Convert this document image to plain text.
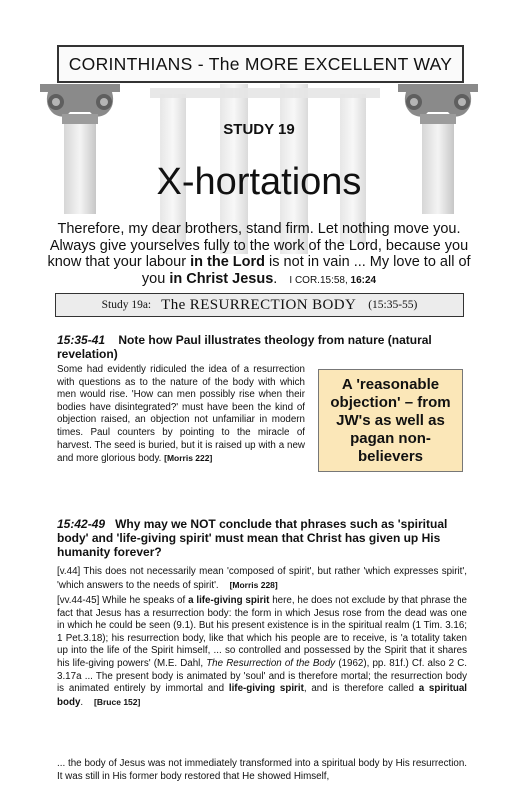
CORINTHIANS - The MORE EXCELLENT WAY
STUDY 19
X-hortations
Therefore, my dear brothers, stand firm. Let nothing move you. Always give yourselves fully to the work of the Lord, because you know that your labour in the Lord is not in vain ... My love to all of you in Christ Jesus. I COR.15:58, 16:24
Study 19a: The RESURRECTION BODY (15:35-55)
15:35-41 Note how Paul illustrates theology from nature (natural revelation)
Some had evidently ridiculed the idea of a resurrection with questions as to the nature of the body with which men would rise. 'How can men possibly rise when their bodies have disintegrated?' must have been the kind of objection raised, an objection not unfamiliar in modern times. Paul counters by pointing to the miracle of harvest. The seed is buried, but it is raised up with a new and more glorious body. [Morris 222]
A 'reasonable objection' – from JW's as well as pagan non-believers
15:42-49 Why may we NOT conclude that phrases such as 'spiritual body' and 'life-giving spirit' must mean that Christ has given up His humanity forever?
[v.44] This does not necessarily mean 'composed of spirit', but rather 'which expresses spirit', 'which answers to the needs of spirit'. [Morris 228]
[vv.44-45] While he speaks of a life-giving spirit here, he does not exclude by that phrase the fact that Jesus has a resurrection body: the form in which Jesus rose from the dead was one in which he could be seen (9.1). But his present existence is in the spiritual realm (1 Tim. 3.16; 1 Pet.3.18); his resurrection body, like that which his people are to receive, is 'a totality taken up into the life of the Spirit himself, ... so controlled and possessed by the Spirit that it shares his life-giving powers' (M.E. Dahl, The Resurrection of the Body (1962), pp. 81f.) Cf. also 2 C. 3.17a ... The present body is animated by 'soul' and is therefore mortal; the resurrection body is animated entirely by immortal and life-giving spirit, and is therefore called a spiritual body. [Bruce 152]
... the body of Jesus was not immediately transformed into a spiritual body by His resurrection. It was still in His former body restored that He showed Himself,
